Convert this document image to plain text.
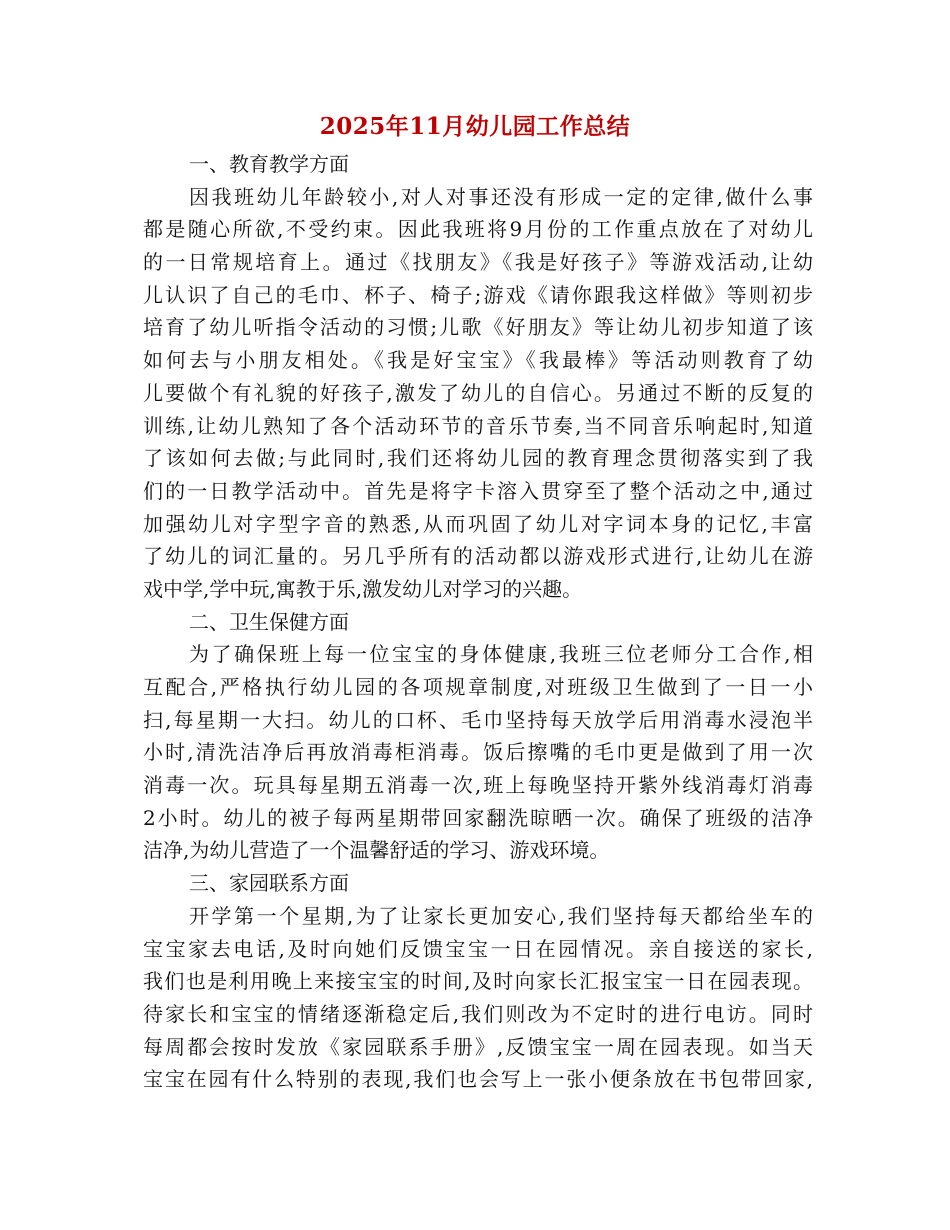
2025年11月幼儿园工作总结
一、教育教学方面
因我班幼儿年龄较小,对人对事还没有形成一定的定律,做什么事
都是随心所欲,不受约束。因此我班将9月份的工作重点放在了对幼儿
的一日常规培育上。通过《找朋友》《我是好孩子》等游戏活动,让幼
儿认识了自己的毛巾、杯子、椅子;游戏《请你跟我这样做》等则初步
培育了幼儿听指令活动的习惯;儿歌《好朋友》等让幼儿初步知道了该
如何去与小朋友相处。《我是好宝宝》《我最棒》等活动则教育了幼
儿要做个有礼貌的好孩子,激发了幼儿的自信心。另通过不断的反复的
训练,让幼儿熟知了各个活动环节的音乐节奏,当不同音乐响起时,知道
了该如何去做;与此同时,我们还将幼儿园的教育理念贯彻落实到了我
们的一日教学活动中。首先是将字卡溶入贯穿至了整个活动之中,通过
加强幼儿对字型字音的熟悉,从而巩固了幼儿对字词本身的记忆,丰富
了幼儿的词汇量的。另几乎所有的活动都以游戏形式进行,让幼儿在游
戏中学,学中玩,寓教于乐,激发幼儿对学习的兴趣。
二、卫生保健方面
为了确保班上每一位宝宝的身体健康,我班三位老师分工合作,相
互配合,严格执行幼儿园的各项规章制度,对班级卫生做到了一日一小
扫,每星期一大扫。幼儿的口杯、毛巾坚持每天放学后用消毒水浸泡半
小时,清洗洁净后再放消毒柜消毒。饭后擦嘴的毛巾更是做到了用一次
消毒一次。玩具每星期五消毒一次,班上每晚坚持开紫外线消毒灯消毒
2小时。幼儿的被子每两星期带回家翻洗晾晒一次。确保了班级的洁净
洁净,为幼儿营造了一个温馨舒适的学习、游戏环境。
三、家园联系方面
开学第一个星期,为了让家长更加安心,我们坚持每天都给坐车的
宝宝家去电话,及时向她们反馈宝宝一日在园情况。亲自接送的家长,
我们也是利用晚上来接宝宝的时间,及时向家长汇报宝宝一日在园表现。
待家长和宝宝的情绪逐渐稳定后,我们则改为不定时的进行电访。同时
每周都会按时发放《家园联系手册》,反馈宝宝一周在园表现。如当天
宝宝在园有什么特别的表现,我们也会写上一张小便条放在书包带回家,
